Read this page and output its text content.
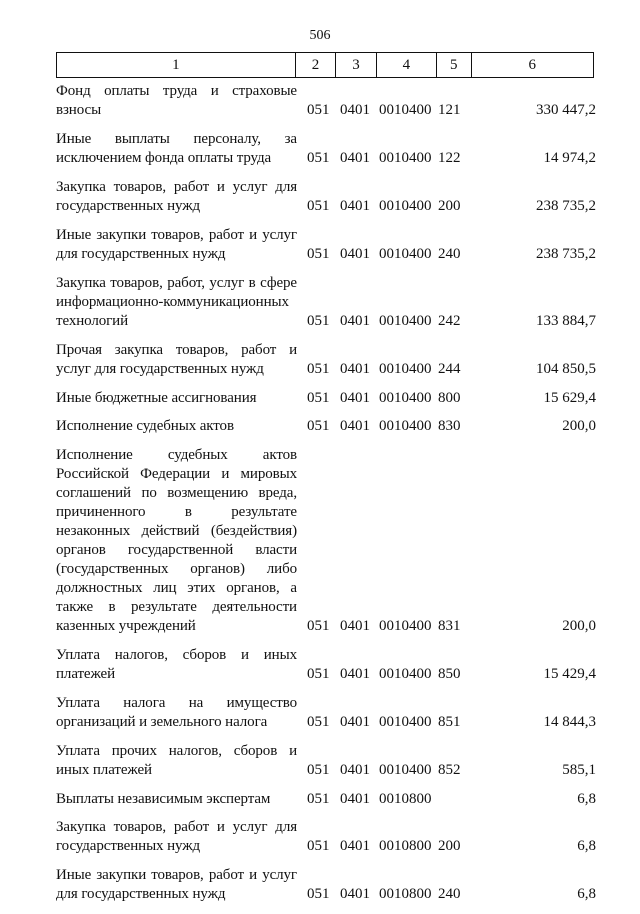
506
1	2	3	4	5	6
Фонд оплаты труда и страховые взносы	051 0401 0010400 121	330 447,2
Иные выплаты персоналу, за исключением фонда оплаты труда	051 0401 0010400 122	14 974,2
Закупка товаров, работ и услуг для государственных нужд	051 0401 0010400 200	238 735,2
Иные закупки товаров, работ и услуг для государственных нужд	051 0401 0010400 240	238 735,2
Закупка товаров, работ, услуг в сфере информационно-коммуникационных технологий	051 0401 0010400 242	133 884,7
Прочая закупка товаров, работ и услуг для государственных нужд	051 0401 0010400 244	104 850,5
Иные бюджетные ассигнования	051 0401 0010400 800	15 629,4
Исполнение судебных актов	051 0401 0010400 830	200,0
Исполнение судебных актов Российской Федерации и мировых соглашений по возмещению вреда, причиненного в результате незаконных действий (бездействия) органов государственной власти (государственных органов) либо должностных лиц этих органов, а также в результате деятельности казенных учреждений	051 0401 0010400 831	200,0
Уплата налогов, сборов и иных платежей	051 0401 0010400 850	15 429,4
Уплата налога на имущество организаций и земельного налога	051 0401 0010400 851	14 844,3
Уплата прочих налогов, сборов и иных платежей	051 0401 0010400 852	585,1
Выплаты независимым экспертам	051 0401 0010800	6,8
Закупка товаров, работ и услуг для государственных нужд	051 0401 0010800 200	6,8
Иные закупки товаров, работ и услуг для государственных нужд	051 0401 0010800 240	6,8
